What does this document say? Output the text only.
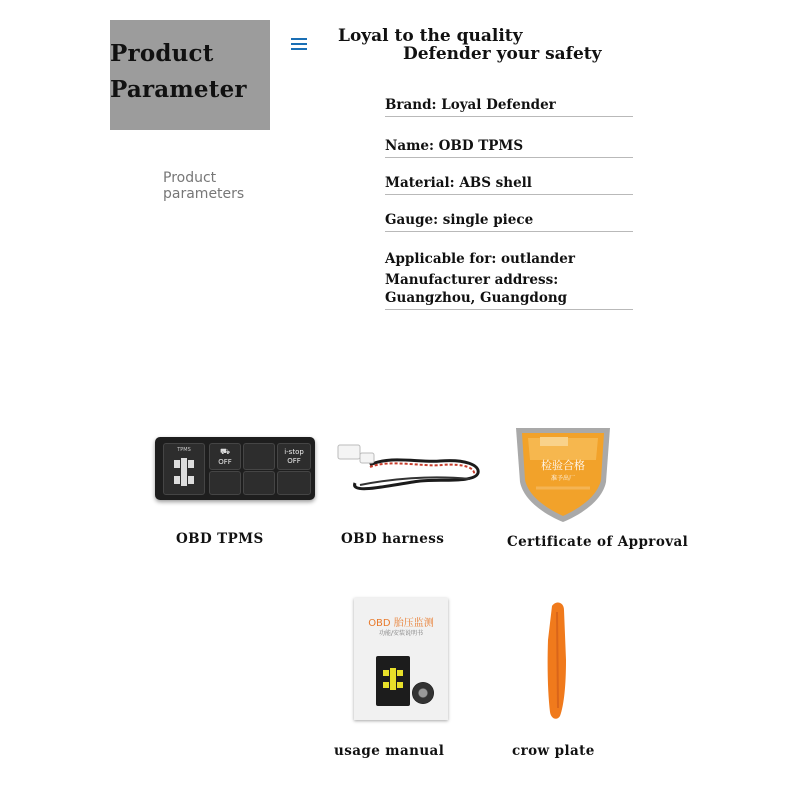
Product
Parameter
Loyal to the quality
Defender your safety
Product
parameters
Brand: Loyal Defender
Name: OBD TPMS
Material: ABS shell
Gauge: single piece
Applicable for: outlander
Manufacturer address:
Guangzhou, Guangdong
TPMS	⛟
OFF
i-stop
OFF	检验合格
准予出厂
OBD TPMS	OBD harness	Certificate of Approval
OBD 胎压监测
功能/安装说明书
usage manual	crow plate
